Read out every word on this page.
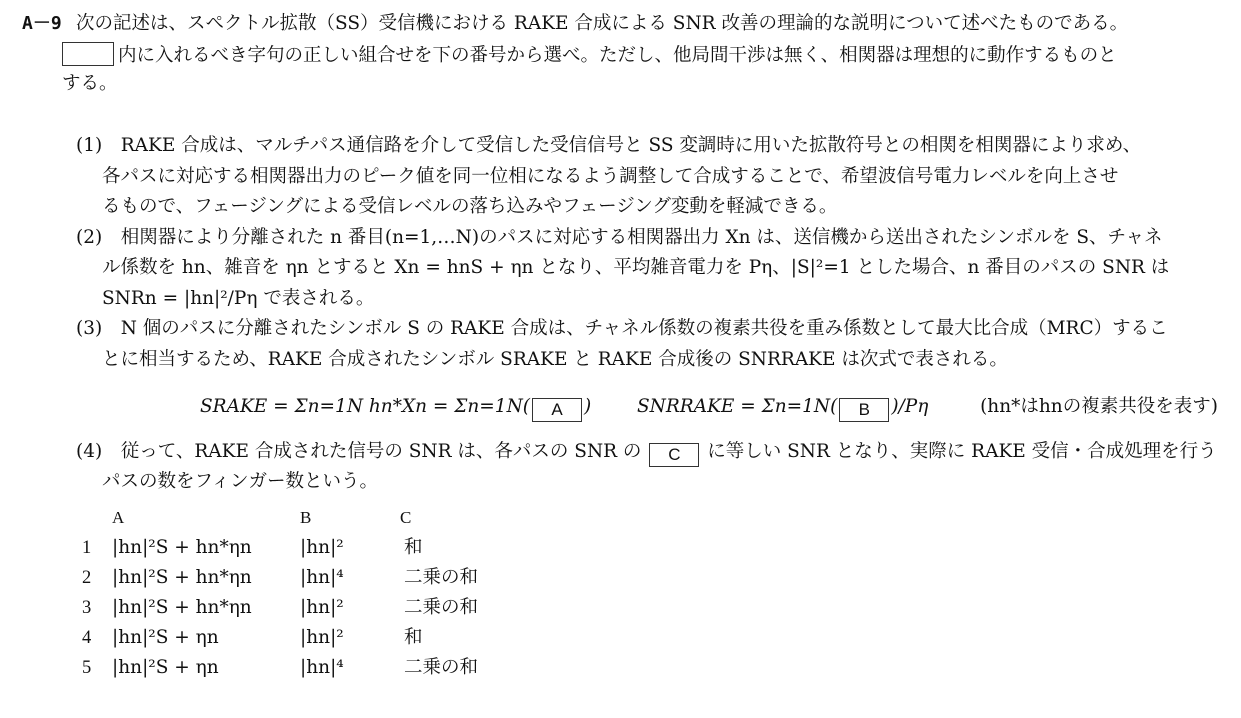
A－9 次の記述は、スペクトル拡散（SS）受信機における RAKE 合成による SNR 改善の理論的な説明について述べたものである。
内に入れるべき字句の正しい組合せを下の番号から選べ。ただし、他局間干渉は無く、相関器は理想的に動作するものと
する。
(1)　RAKE 合成は、マルチパス通信路を介して受信した受信信号と SS 変調時に用いた拡散符号との相関を相関器により求め、
各パスに対応する相関器出力のピーク値を同一位相になるよう調整して合成することで、希望波信号電力レベルを向上させ
るもので、フェージングによる受信レベルの落ち込みやフェージング変動を軽減できる。
(2)　相関器により分離された n 番目(n=1,…N)のパスに対応する相関器出力 Xn は、送信機から送出されたシンボルを S、チャネ
ル係数を hn、雑音を ηn とすると Xn = hnS + ηn となり、平均雑音電力を Pη、|S|²=1 とした場合、n 番目のパスの SNR は
SNRn = |hn|²/Pη で表される。
(3)　N 個のパスに分離されたシンボル S の RAKE 合成は、チャネル係数の複素共役を重み係数として最大比合成（MRC）するこ
とに相当するため、RAKE 合成されたシンボル SRAKE と RAKE 合成後の SNRRAKE は次式で表される。
SRAKE = Σn=1N hn*Xn = Σn=1N( A ) SNRRAKE = Σn=1N( B )/Pη	(hn*はhnの複素共役を表す)
(4)　従って、RAKE 合成された信号の SNR は、各パスの SNR の C に等しい SNR となり、実際に RAKE 受信・合成処理を行う
パスの数をフィンガー数という。
A	B	C
1 |hn|²S + hn*ηn	|hn|²	和
2 |hn|²S + hn*ηn	|hn|⁴	二乗の和
3 |hn|²S + hn*ηn	|hn|²	二乗の和
4 |hn|²S + ηn	|hn|²	和
5 |hn|²S + ηn	|hn|⁴	二乗の和
